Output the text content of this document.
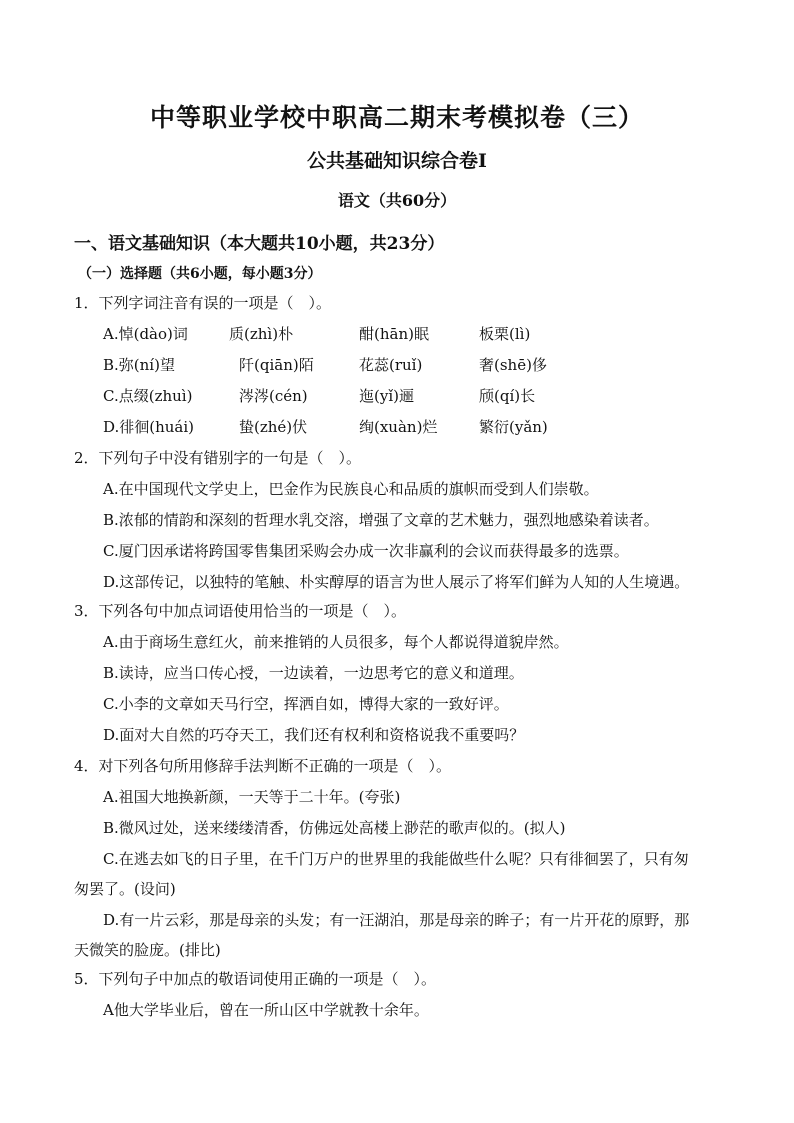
中等职业学校中职高二期末考模拟卷（三）
公共基础知识综合卷Ⅰ
语文（共60分）
一、语文基础知识（本大题共10小题，共23分）
（一）选择题（共6小题，每小题3分）
1．下列字词注音有误的一项是（　）。
A.悼(dào)词	质(zhì)朴	酣(hān)眠	板栗(lì)
B.弥(ní)望	阡(qiān)陌	花蕊(ruǐ)	奢(shē)侈
C.点缀(zhuì)	涔涔(cén)	迤(yǐ)逦	颀(qí)长
D.徘徊(huái)	蛰(zhé)伏	绚(xuàn)烂	繁衍(yǎn)
2．下列句子中没有错别字的一句是（　）。
A.在中国现代文学史上，巴金作为民族良心和品质的旗帜而受到人们崇敬。
B.浓郁的情韵和深刻的哲理水乳交溶，增强了文章的艺术魅力，强烈地感染着读者。
C.厦门因承诺将跨国零售集团采购会办成一次非赢利的会议而获得最多的选票。
D.这部传记，以独特的笔触、朴实醇厚的语言为世人展示了将军们鲜为人知的人生境遇。
3．下列各句中加点词语使用恰当的一项是（　）。
A.由于商场生意红火，前来推销的人员很多，每个人都说得道貌岸然。
B.读诗，应当口传心授，一边读着，一边思考它的意义和道理。
C.小李的文章如天马行空，挥洒自如，博得大家的一致好评。
D.面对大自然的巧夺天工，我们还有权利和资格说我不重要吗？
4．对下列各句所用修辞手法判断不正确的一项是（　）。
A.祖国大地换新颜，一天等于二十年。(夸张)
B.微风过处，送来缕缕清香，仿佛远处高楼上渺茫的歌声似的。(拟人)
C.在逃去如飞的日子里，在千门万户的世界里的我能做些什么呢？只有徘徊罢了，只有匆
匆罢了。(设问)
D.有一片云彩，那是母亲的头发；有一汪湖泊，那是母亲的眸子；有一片开花的原野，那
天微笑的脸庞。(排比)
5．下列句子中加点的敬语词使用正确的一项是（　）。
A他大学毕业后，曾在一所山区中学就教十余年。
